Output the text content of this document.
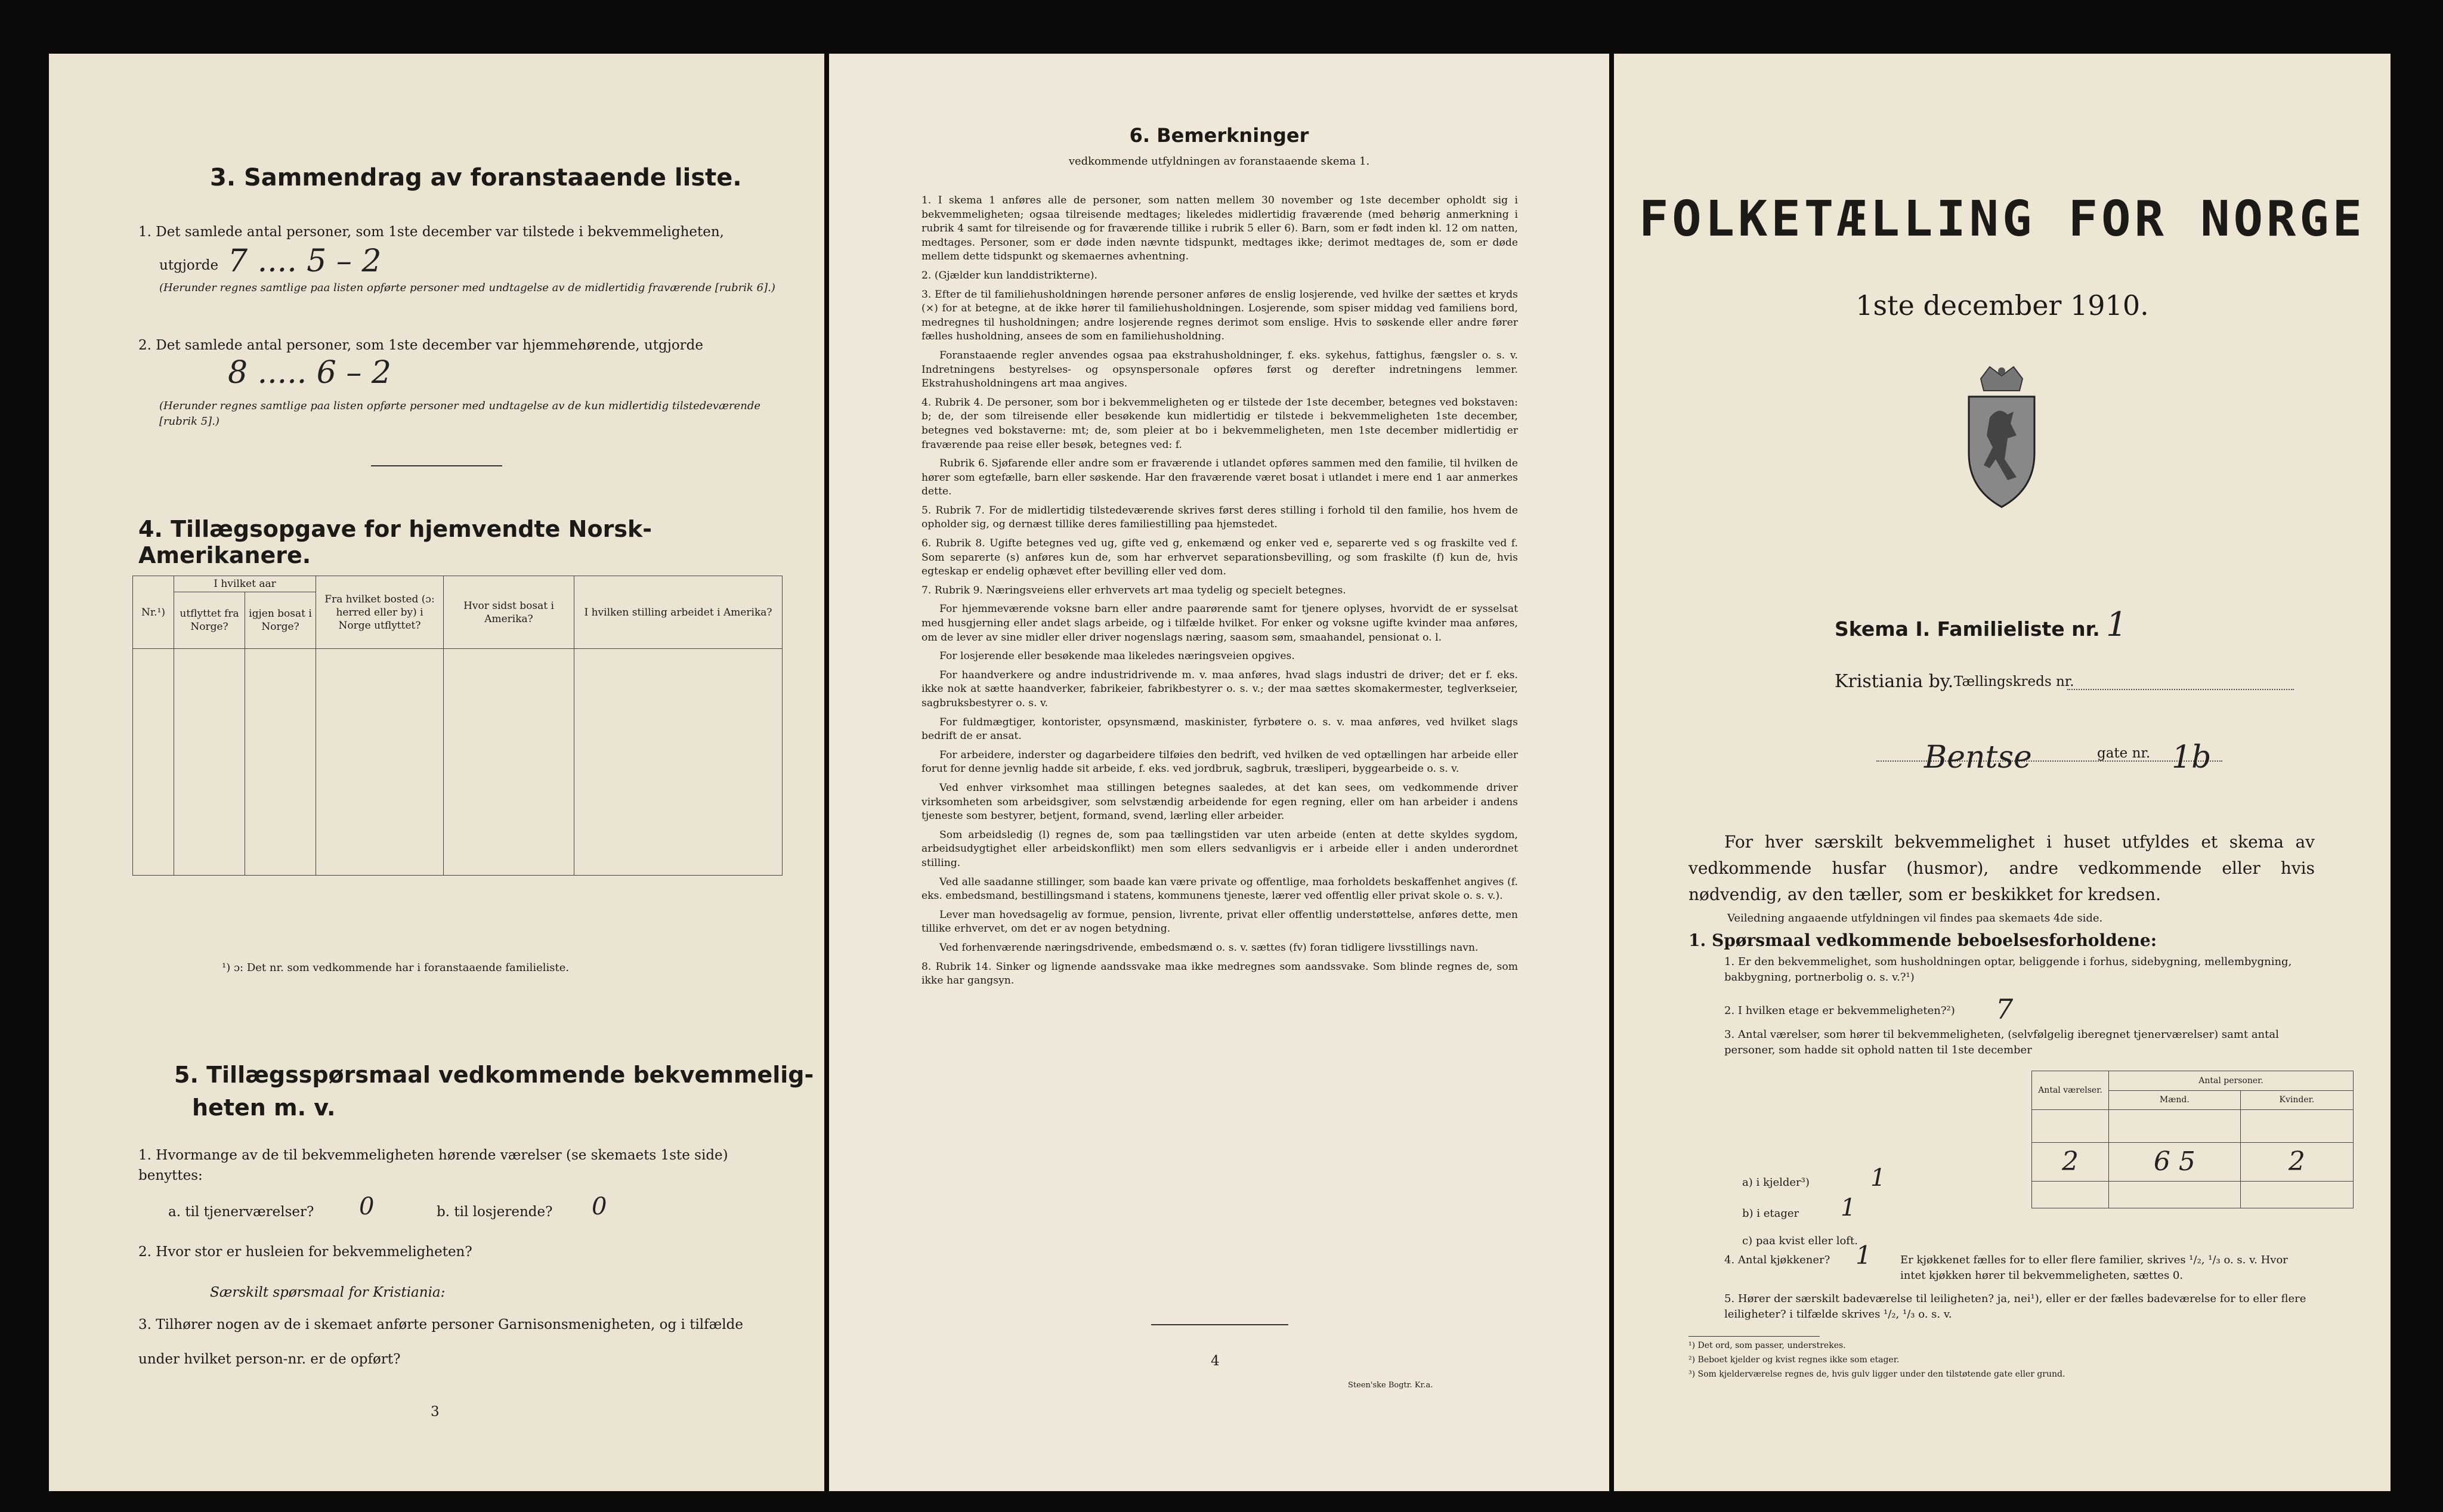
3. Sammendrag av foranstaaende liste.
1. Det samlede antal personer, som 1ste december var tilstede i bekvemmeligheten,
utgjorde 7 .... 5 – 2
(Herunder regnes samtlige paa listen opførte personer med undtagelse av de midlertidig fraværende [rubrik 6].)
2. Det samlede antal personer, som 1ste december var hjemmehørende, utgjorde
8 ..... 6 – 2
(Herunder regnes samtlige paa listen opførte personer med undtagelse av de kun midlertidig tilstedeværende [rubrik 5].)
4. Tillægsopgave for hjemvendte Norsk-Amerikanere.
Nr.¹)	I hvilket aar		Fra hvilket bosted (ɔ: herred eller by) i Norge utflyttet?	Hvor sidst bosat i Amerika?	I hvilken stilling arbeidet i Amerika?
	utflyttet fra Norge?	igjen bosat i Norge?			

¹) ɔ: Det nr. som vedkommende har i foranstaaende familieliste.
5. Tillægsspørsmaal vedkommende bekvemmelig-
heten m. v.
1. Hvormange av de til bekvemmeligheten hørende værelser (se skemaets 1ste side) benyttes:
a. til tjenerværelser? 0	b. til losjerende? 0
2. Hvor stor er husleien for bekvemmeligheten?
Særskilt spørsmaal for Kristiania:
3. Tilhører nogen av de i skemaet anførte personer Garnisonsmenigheten, og i tilfælde under hvilket person-nr. er de opført?
3
6. Bemerkninger
vedkommende utfyldningen av foranstaaende skema 1.

1. I skema 1 anføres alle de personer, som natten mellem 30 november og 1ste december opholdt sig i bekvemmeligheten; ogsaa tilreisende medtages; likeledes midlertidig fraværende (med behørig anmerkning i rubrik 4 samt for tilreisende og for fraværende tillike i rubrik 5 eller 6). Barn, som er født inden kl. 12 om natten, medtages. Personer, som er døde inden nævnte tidspunkt, medtages ikke; derimot medtages de, som er døde mellem dette tidspunkt og skemaernes avhentning.

2. (Gjælder kun landdistrikterne).

3. Efter de til familiehusholdningen hørende personer anføres de enslig losjerende, ved hvilke der sættes et kryds (×) for at betegne, at de ikke hører til familiehusholdningen. Losjerende, som spiser middag ved familiens bord, medregnes til husholdningen; andre losjerende regnes derimot som enslige. Hvis to søskende eller andre fører fælles husholdning, ansees de som en familiehusholdning.

Foranstaaende regler anvendes ogsaa paa ekstrahusholdninger, f. eks. sykehus, fattighus, fængsler o. s. v. Indretningens bestyrelses- og opsynspersonale opføres først og derefter indretningens lemmer. Ekstrahusholdningens art maa angives.

4. Rubrik 4. De personer, som bor i bekvemmeligheten og er tilstede der 1ste december, betegnes ved bokstaven: b; de, der som tilreisende eller besøkende kun midlertidig er tilstede i bekvemmeligheten 1ste december, betegnes ved bokstaverne: mt; de, som pleier at bo i bekvemmeligheten, men 1ste december midlertidig er fraværende paa reise eller besøk, betegnes ved: f.

Rubrik 6. Sjøfarende eller andre som er fraværende i utlandet opføres sammen med den familie, til hvilken de hører som egtefælle, barn eller søskende. Har den fraværende været bosat i utlandet i mere end 1 aar anmerkes dette.

5. Rubrik 7. For de midlertidig tilstedeværende skrives først deres stilling i forhold til den familie, hos hvem de opholder sig, og dernæst tillike deres familiestilling paa hjemstedet.

6. Rubrik 8. Ugifte betegnes ved ug, gifte ved g, enkemænd og enker ved e, separerte ved s og fraskilte ved f. Som separerte (s) anføres kun de, som har erhvervet separationsbevilling, og som fraskilte (f) kun de, hvis egteskap er endelig ophævet efter bevilling eller ved dom.

7. Rubrik 9. Næringsveiens eller erhvervets art maa tydelig og specielt betegnes.

For hjemmeværende voksne barn eller andre paarørende samt for tjenere oplyses, hvorvidt de er sysselsat med husgjerning eller andet slags arbeide, og i tilfælde hvilket. For enker og voksne ugifte kvinder maa anføres, om de lever av sine midler eller driver nogenslags næring, saasom søm, smaahandel, pensionat o. l.

For losjerende eller besøkende maa likeledes næringsveien opgives.

For haandverkere og andre industridrivende m. v. maa anføres, hvad slags industri de driver; det er f. eks. ikke nok at sætte haandverker, fabrikeier, fabrikbestyrer o. s. v.; der maa sættes skomakermester, teglverkseier, sagbruksbestyrer o. s. v.

For fuldmægtiger, kontorister, opsynsmænd, maskinister, fyrbøtere o. s. v. maa anføres, ved hvilket slags bedrift de er ansat.

For arbeidere, inderster og dagarbeidere tilføies den bedrift, ved hvilken de ved optællingen har arbeide eller forut for denne jevnlig hadde sit arbeide, f. eks. ved jordbruk, sagbruk, træsliperi, byggearbeide o. s. v.

Ved enhver virksomhet maa stillingen betegnes saaledes, at det kan sees, om vedkommende driver virksomheten som arbeidsgiver, som selvstændig arbeidende for egen regning, eller om han arbeider i andens tjeneste som bestyrer, betjent, formand, svend, lærling eller arbeider.

Som arbeidsledig (l) regnes de, som paa tællingstiden var uten arbeide (enten at dette skyldes sygdom, arbeidsudygtighet eller arbeidskonflikt) men som ellers sedvanligvis er i arbeide eller i anden underordnet stilling.

Ved alle saadanne stillinger, som baade kan være private og offentlige, maa forholdets beskaffenhet angives (f. eks. embedsmand, bestillingsmand i statens, kommunens tjeneste, lærer ved offentlig eller privat skole o. s. v.).

Lever man hovedsagelig av formue, pension, livrente, privat eller offentlig understøttelse, anføres dette, men tillike erhvervet, om det er av nogen betydning.

Ved forhenværende næringsdrivende, embedsmænd o. s. v. sættes (fv) foran tidligere livsstillings navn.

8. Rubrik 14. Sinker og lignende aandssvake maa ikke medregnes som aandssvake. Som blinde regnes de, som ikke har gangsyn.

4
Steen'ske Bogtr. Kr.a.
FOLKETÆLLING FOR NORGE
1ste december 1910.
Skema I. Familieliste nr. 1
Kristiania by. Tællingskreds nr.
Bentse	gate nr. 1b
For hver særskilt bekvemmelighet i huset utfyldes et skema av vedkommende husfar (husmor), andre vedkommende eller hvis nødvendig, av den tæller, som er beskikket for kredsen.
Veiledning angaaende utfyldningen vil findes paa skemaets 4de side.
1. Spørsmaal vedkommende beboelsesforholdene:
1. Er den bekvemmelighet, som husholdningen optar, beliggende i forhus, sidebygning, mellembygning, bakbygning, portnerbolig o. s. v.?¹)
2. I hvilken etage er bekvemmeligheten?²) 7
3. Antal værelser, som hører til bekvemmeligheten, (selvfølgelig iberegnet tjenerværelser) samt antal personer, som hadde sit ophold natten til 1ste december
Antal værelser.	Antal personer.	
	Mænd.	Kvinder.

2	6 5	2

a) i kjelder³)	1
b) i etager 1
c) paa kvist eller loft.
4. Antal kjøkkener? 1	Er kjøkkenet fælles for to eller flere familier, skrives ¹/₂, ¹/₃ o. s. v. Hvor intet kjøkken hører til bekvemmeligheten, sættes 0.
5. Hører der særskilt badeværelse til leiligheten? ja, nei¹), eller er der fælles badeværelse for to eller flere leiligheter? i tilfælde skrives ¹/₂, ¹/₃ o. s. v.
¹) Det ord, som passer, understrekes.
²) Beboet kjelder og kvist regnes ikke som etager.
³) Som kjelderværelse regnes de, hvis gulv ligger under den tilstøtende gate eller grund.
